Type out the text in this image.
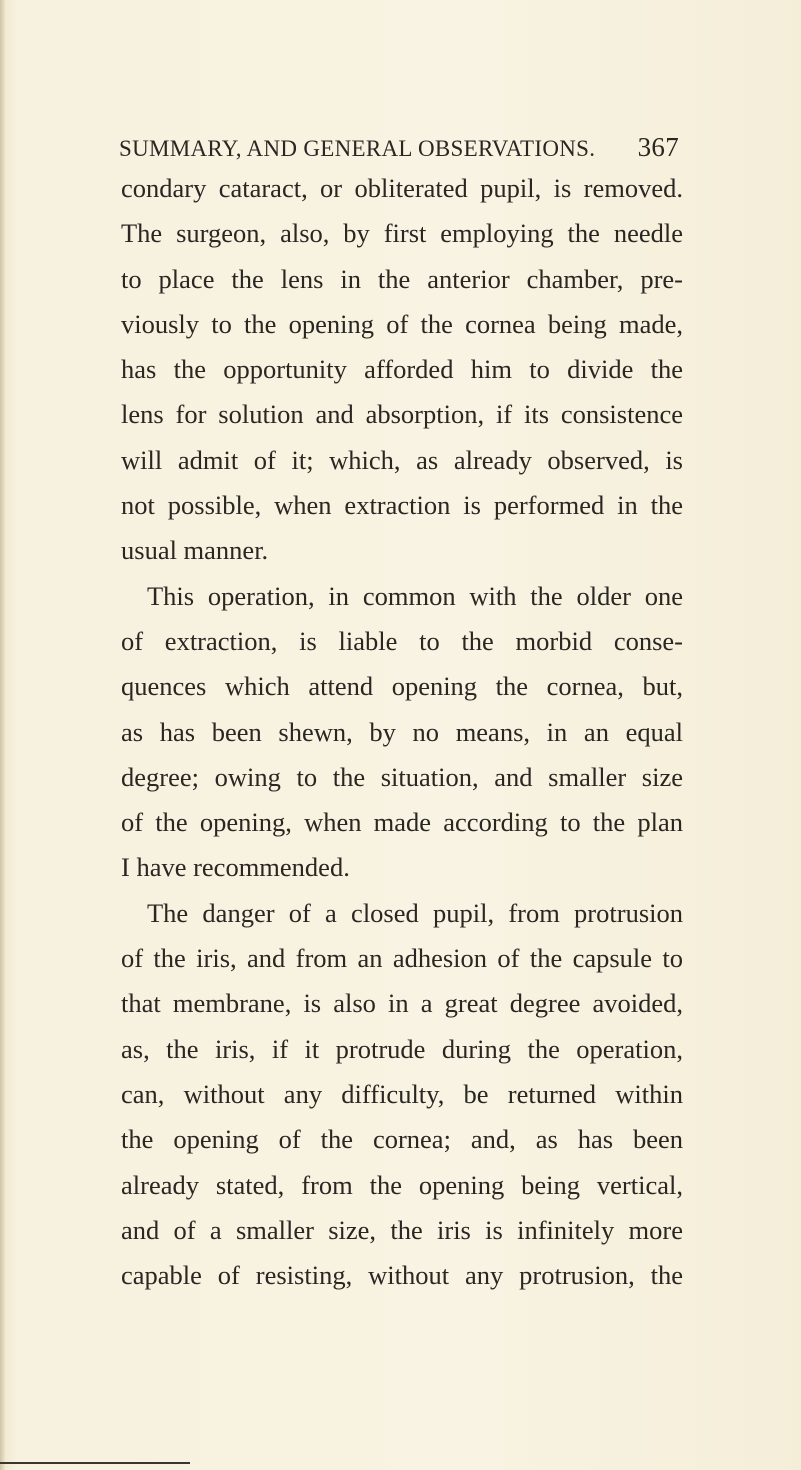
SUMMARY, AND GENERAL OBSERVATIONS. 367
condary cataract, or obliterated pupil, is removed.
The surgeon, also, by first employing the needle
to place the lens in the anterior chamber, pre-
viously to the opening of the cornea being made,
has the opportunity afforded him to divide the
lens for solution and absorption, if its consistence
will admit of it; which, as already observed, is
not possible, when extraction is performed in the
usual manner.
This operation, in common with the older one
of extraction, is liable to the morbid conse-
quences which attend opening the cornea, but,
as has been shewn, by no means, in an equal
degree; owing to the situation, and smaller size
of the opening, when made according to the plan
I have recommended.
The danger of a closed pupil, from protrusion
of the iris, and from an adhesion of the capsule to
that membrane, is also in a great degree avoided,
as, the iris, if it protrude during the operation,
can, without any difficulty, be returned within
the opening of the cornea; and, as has been
already stated, from the opening being vertical,
and of a smaller size, the iris is infinitely more
capable of resisting, without any protrusion, the
